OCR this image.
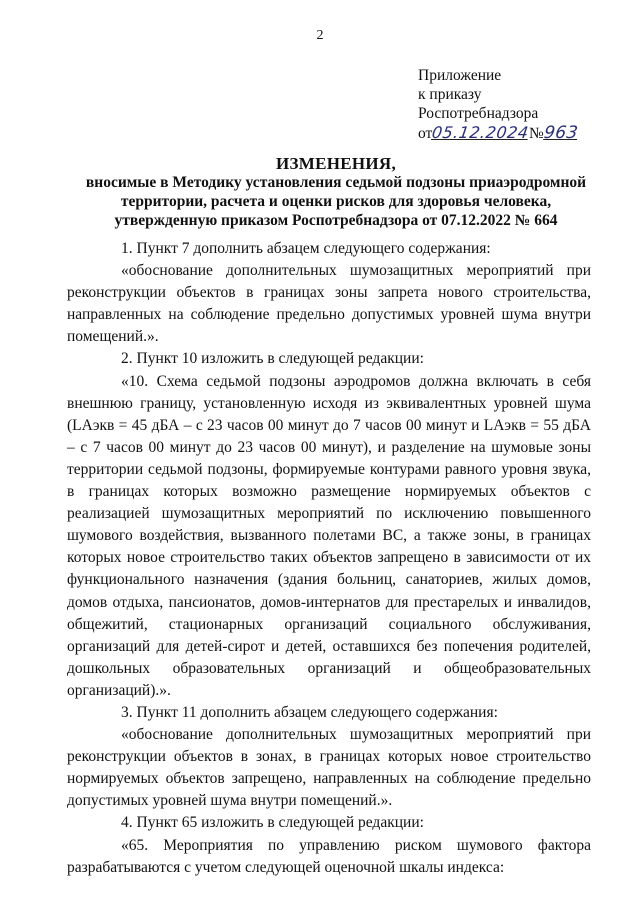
2
Приложение
к приказу
Роспотребнадзора
от05.12.2024№963
ИЗМЕНЕНИЯ,
вносимые в Методику установления седьмой подзоны приаэродромной
территории, расчета и оценки рисков для здоровья человека,
утвержденную приказом Роспотребнадзора от 07.12.2022 № 664

1. Пункт 7 дополнить абзацем следующего содержания:

«обоснование дополнительных шумозащитных мероприятий при реконструкции объектов в границах зоны запрета нового строительства, направленных на соблюдение предельно допустимых уровней шума внутри помещений.».

2. Пункт 10 изложить в следующей редакции:

«10. Схема седьмой подзоны аэродромов должна включать в себя внешнюю границу, установленную исходя из эквивалентных уровней шума (LAэкв = 45 дБА – с 23 часов 00 минут до 7 часов 00 минут и LAэкв = 55 дБА – с 7 часов 00 минут до 23 часов 00 минут), и разделение на шумовые зоны территории седьмой подзоны, формируемые контурами равного уровня звука, в границах которых возможно размещение нормируемых объектов с реализацией шумозащитных мероприятий по исключению повышенного шумового воздействия, вызванного полетами ВС, а также зоны, в границах которых новое строительство таких объектов запрещено в зависимости от их функционального назначения (здания больниц, санаториев, жилых домов, домов отдыха, пансионатов, домов-интернатов для престарелых и инвалидов, общежитий, стационарных организаций социального обслуживания, организаций для детей-сирот и детей, оставшихся без попечения родителей, дошкольных образовательных организаций и общеобразовательных организаций).».

3. Пункт 11 дополнить абзацем следующего содержания:

«обоснование дополнительных шумозащитных мероприятий при реконструкции объектов в зонах, в границах которых новое строительство нормируемых объектов запрещено, направленных на соблюдение предельно допустимых уровней шума внутри помещений.».

4. Пункт 65 изложить в следующей редакции:

«65. Мероприятия по управлению риском шумового фактора разрабатываются с учетом следующей оценочной шкалы индекса:
